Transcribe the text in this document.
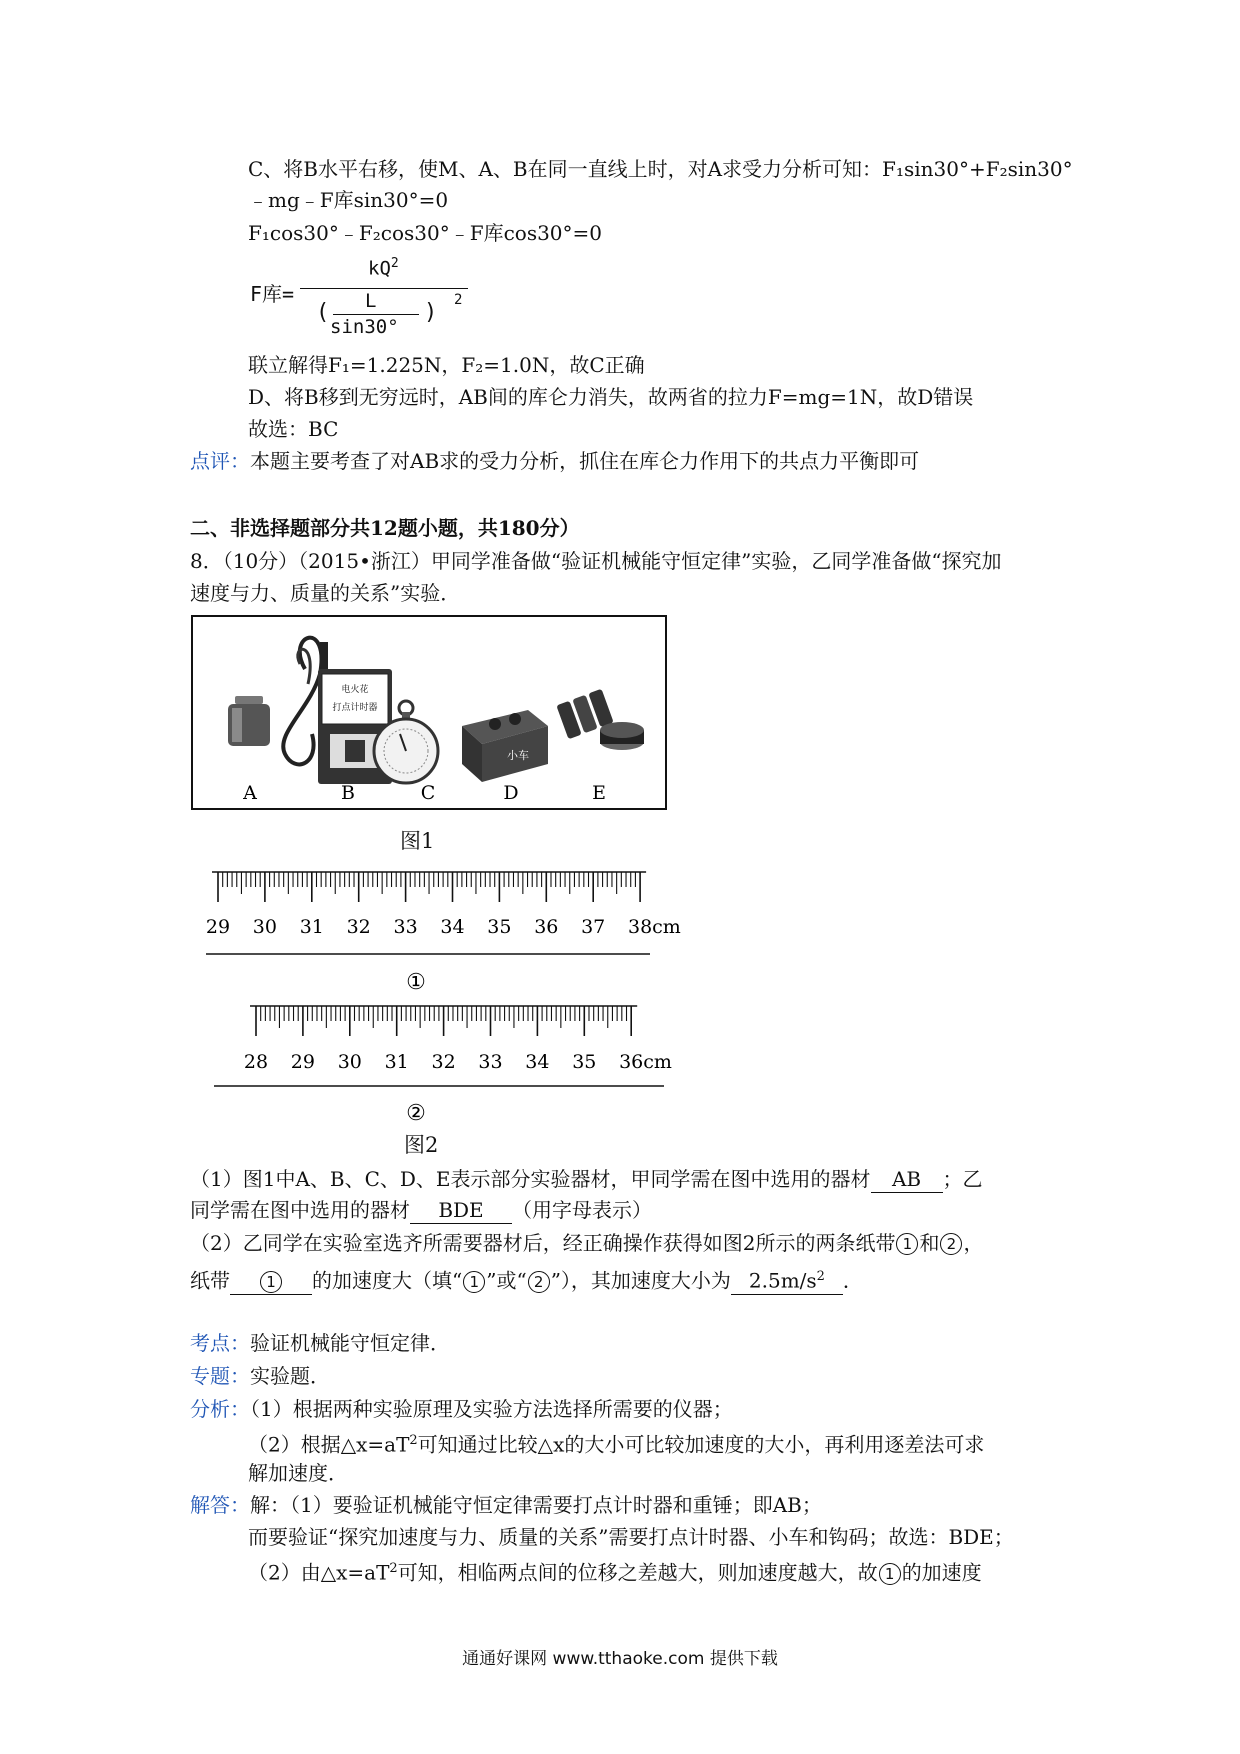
C、将B水平右移，使M、A、B在同一直线上时，对A求受力分析可知：F₁sin30°+F₂sin30°
﹣mg﹣F库sin30°=0
F₁cos30°﹣F₂cos30°﹣F库cos30°=0
F库=
$kQ^2$
( L
sin30°
) 2
联立解得F₁=1.225N，F₂=1.0N，故C正确
D、将B移到无穷远时，AB间的库仑力消失，故两省的拉力F=mg=1N，故D错误
故选：BC
点评：本题主要考查了对AB求的受力分析，抓住在库仑力作用下的共点力平衡即可
二、非选择题部分共12题小题，共180分）
8．（10分）（2015•浙江）甲同学准备做“验证机械能守恒定律”实验，乙同学准备做“探究加
速度与力、质量的关系”实验．
电火花
打点计时器
小车
A	B	C	D	E
图1
29 30 31 32 33 34 35 36 37 38 cm
①
28 29 30 31 32 33 34 35 36 cm
②
图2
（1）图1中A、B、C、D、E表示部分实验器材，甲同学需在图中选用的器材 AB ；乙
同学需在图中选用的器材 BDE （用字母表示）
（2）乙同学在实验室选齐所需要器材后，经正确操作获得如图2所示的两条纸带 1 和 2 ，
纸带 1 的加速度大（填“ 1 ”或“ 2 ”），其加速度大小为 $2.5m/s^2$ ．
考点：验证机械能守恒定律．
专题：实验题．
分析：（1）根据两种实验原理及实验方法选择所需要的仪器；
（2）根据$\triangle x=aT^2$可知通过比较△x的大小可比较加速度的大小，再利用逐差法可求
解加速度．
解答：解：（1）要验证机械能守恒定律需要打点计时器和重锤；即AB；
而要验证“探究加速度与力、质量的关系”需要打点计时器、小车和钩码；故选：BDE；
（2）由$\triangle x=aT^2$可知，相临两点间的位移之差越大，则加速度越大，故 1 的加速度
通通好课网 www.tthaoke.com 提供下载
